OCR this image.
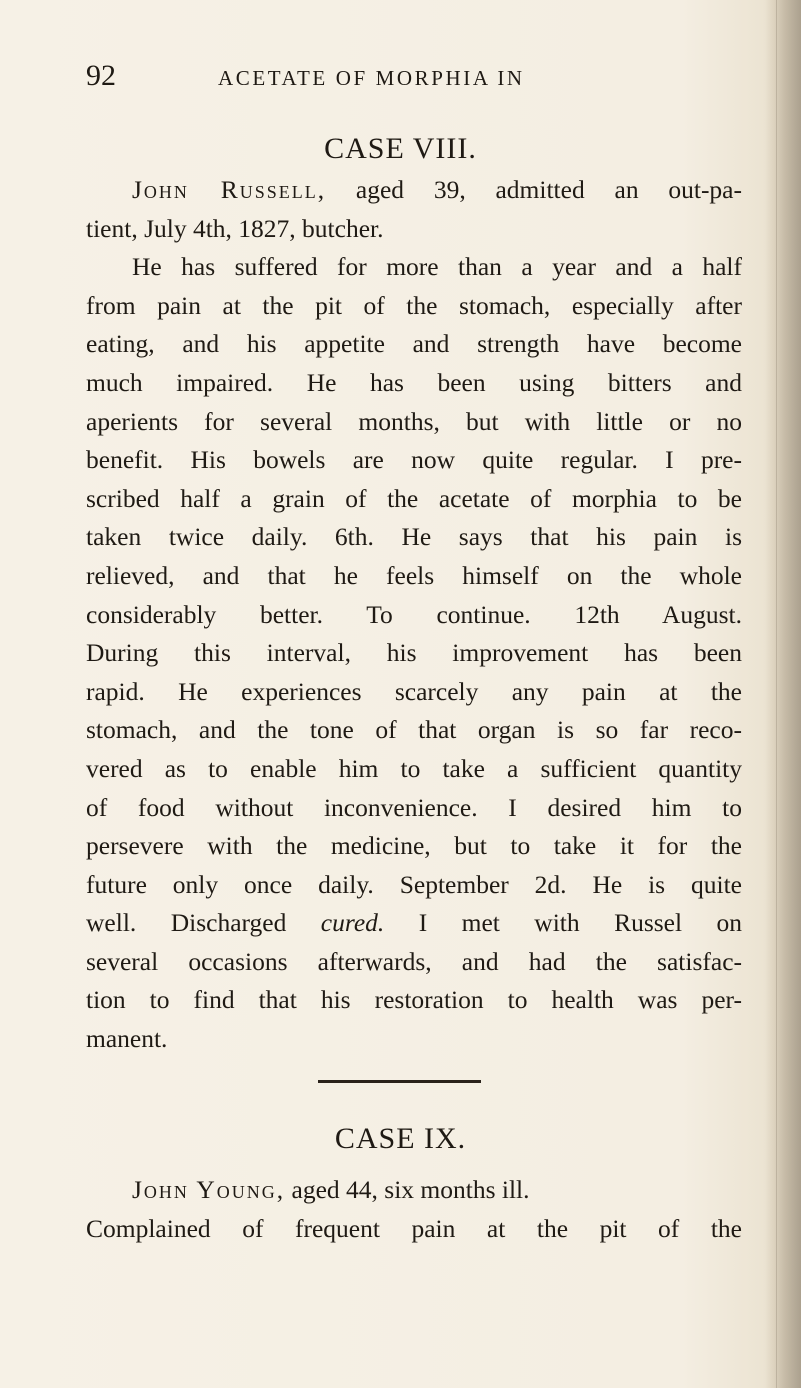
92	ACETATE OF MORPHIA IN
CASE VIII.
John Russell, aged 39, admitted an out-pa-
tient, July 4th, 1827, butcher.
He has suffered for more than a year and a half
from pain at the pit of the stomach, especially after
eating, and his appetite and strength have become
much impaired. He has been using bitters and
aperients for several months, but with little or no
benefit. His bowels are now quite regular. I pre-
scribed half a grain of the acetate of morphia to be
taken twice daily. 6th. He says that his pain is
relieved, and that he feels himself on the whole
considerably better. To continue. 12th August.
During this interval, his improvement has been
rapid. He experiences scarcely any pain at the
stomach, and the tone of that organ is so far reco-
vered as to enable him to take a sufficient quantity
of food without inconvenience. I desired him to
persevere with the medicine, but to take it for the
future only once daily. September 2d. He is quite
well. Discharged cured. I met with Russel on
several occasions afterwards, and had the satisfac-
tion to find that his restoration to health was per-
manent.
CASE IX.
John Young, aged 44, six months ill.
Complained of frequent pain at the pit of the
